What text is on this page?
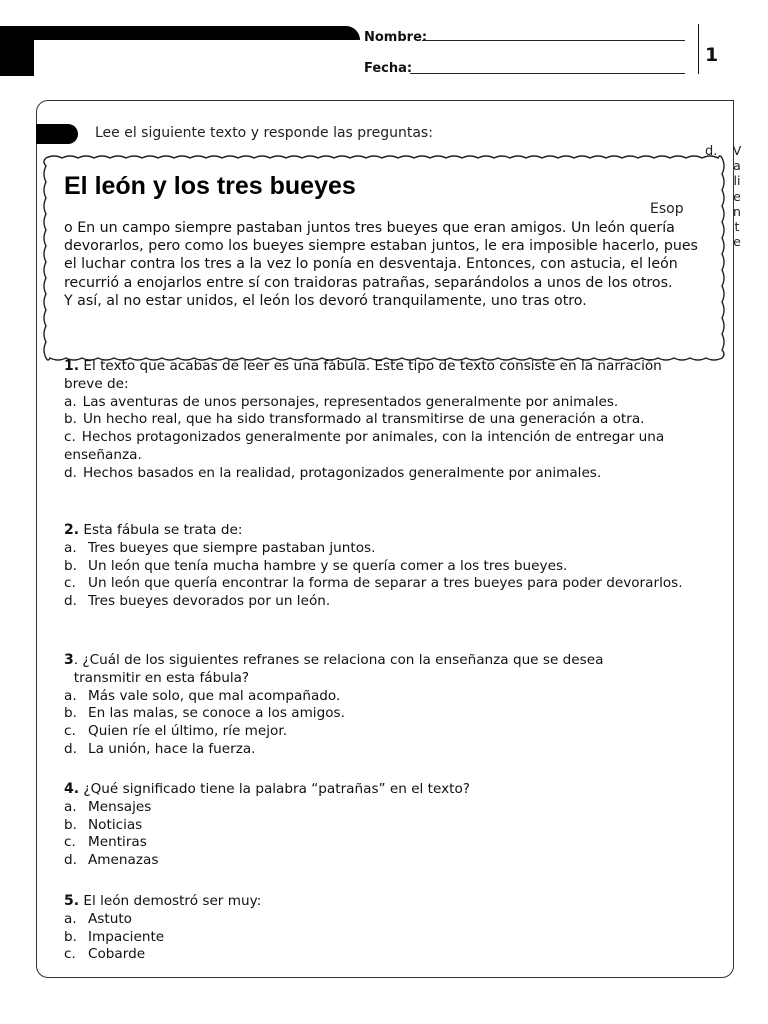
Nombre:
Fecha:
1
Lee el siguiente texto y responde las preguntas:
d. V
a
li
e
n
t
e
El león y los tres bueyes
Esop

o En un campo siempre pastaban juntos tres bueyes que eran amigos. Un león quería devorarlos, pero como los bueyes siempre estaban juntos, le era imposible hacerlo, pues el luchar contra los tres a la vez lo ponía en desventaja. Entonces, con astucia, el león recurrió a enojarlos entre sí con traidoras patrañas, separándolos a unos de los otros.

Y así, al no estar unidos, el león los devoró tranquilamente, uno tras otro.

1. El texto que acabas de leer es una fábula. Este tipo de texto consiste en la narración breve de:

a. Las aventuras de unos personajes, representados generalmente por animales.

b. Un hecho real, que ha sido transformado al transmitirse de una generación a otra.

c. Hechos protagonizados generalmente por animales, con la intención de entregar una enseñanza.

d. Hechos basados en la realidad, protagonizados generalmente por animales.

2. Esta fábula se trata de:

a. Tres bueyes que siempre pastaban juntos.

b. Un león que tenía mucha hambre y se quería comer a los tres bueyes.

c. Un león que quería encontrar la forma de separar a tres bueyes para poder devorarlos.

d. Tres bueyes devorados por un león.

3 . ¿Cuál de los siguientes refranes se relaciona con la enseñanza que se desea transmitir en esta fábula?

a. Más vale solo, que mal acompañado.

b. En las malas, se conoce a los amigos.

c. Quien ríe el último, ríe mejor.

d. La unión, hace la fuerza.

4. ¿Qué significado tiene la palabra “patrañas” en el texto?

a. Mensajes

b. Noticias

c. Mentiras

d. Amenazas

5. El león demostró ser muy:

a. Astuto

b. Impaciente

c. Cobarde
